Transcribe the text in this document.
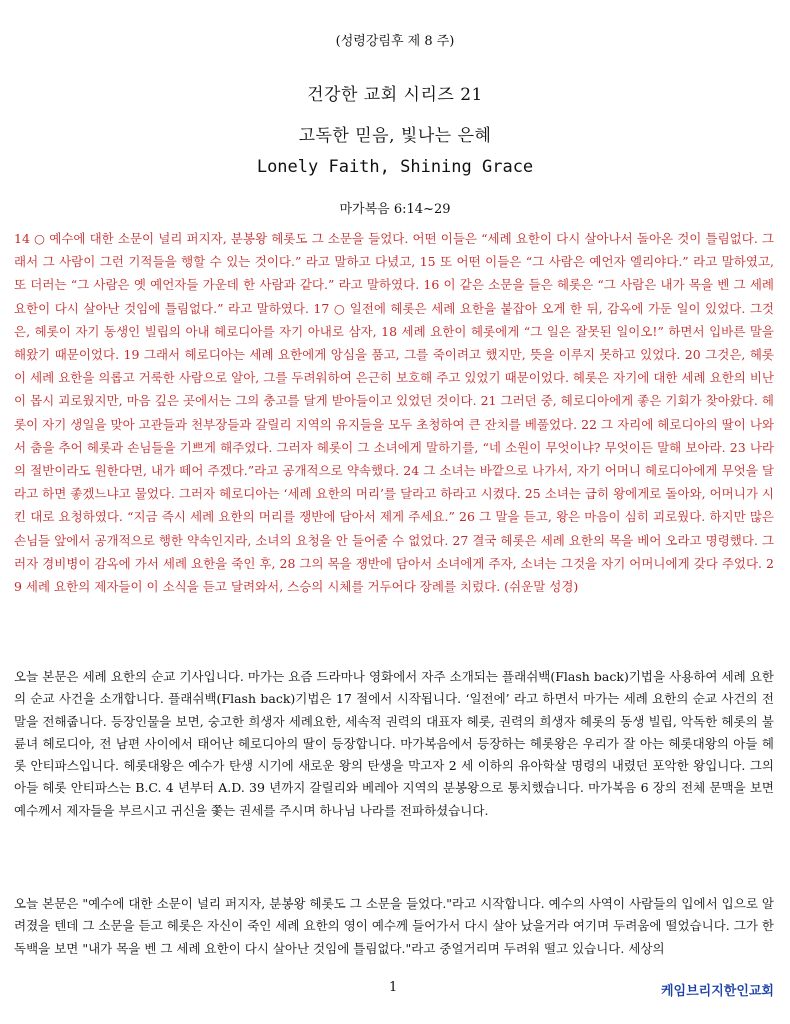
(성령강림후 제 8 주)
건강한 교회 시리즈 21
고독한 믿음, 빛나는 은혜
Lonely Faith, Shining Grace
마가복음 6:14~29
14 ○ 예수에 대한 소문이 널리 퍼지자, 분봉왕 헤롯도 그 소문을 들었다. 어떤 이들은 “세례 요한이 다시 살아나서 돌아온 것이 틀림없다. 그래서 그 사람이 그런 기적들을 행할 수 있는 것이다.” 라고 말하고 다녔고, 15 또 어떤 이들은 “그 사람은 예언자 엘리야다.” 라고 말하였고, 또 더러는 “그 사람은 옛 예언자들 가운데 한 사람과 같다.” 라고 말하였다. 16 이 같은 소문을 들은 헤롯은 “그 사람은 내가 목을 벤 그 세례 요한이 다시 살아난 것임에 틀림없다.” 라고 말하였다. 17 ○ 일전에 헤롯은 세례 요한을 붙잡아 오게 한 뒤, 감옥에 가둔 일이 있었다. 그것은, 헤롯이 자기 동생인 빌립의 아내 헤로디아를 자기 아내로 삼자, 18 세례 요한이 헤롯에게 “그 일은 잘못된 일이오!” 하면서 입바른 말을 해왔기 때문이었다. 19 그래서 헤로디아는 세례 요한에게 앙심을 품고, 그를 죽이려고 했지만, 뜻을 이루지 못하고 있었다. 20 그것은, 헤롯이 세례 요한을 의롭고 거룩한 사람으로 알아, 그를 두려워하여 은근히 보호해 주고 있었기 때문이었다. 헤롯은 자기에 대한 세례 요한의 비난이 몹시 괴로웠지만, 마음 깊은 곳에서는 그의 충고를 달게 받아들이고 있었던 것이다. 21 그러던 중, 헤로디아에게 좋은 기회가 찾아왔다. 헤롯이 자기 생일을 맞아 고관들과 천부장들과 갈릴리 지역의 유지들을 모두 초청하여 큰 잔치를 베풀었다. 22 그 자리에 헤로디아의 딸이 나와서 춤을 추어 헤롯과 손님들을 기쁘게 해주었다. 그러자 헤롯이 그 소녀에게 말하기를, “네 소원이 무엇이냐? 무엇이든 말해 보아라. 23 나라의 절반이라도 원한다면, 내가 떼어 주겠다.”라고 공개적으로 약속했다. 24 그 소녀는 바깥으로 나가서, 자기 어머니 헤로디아에게 무엇을 달라고 하면 좋겠느냐고 물었다. 그러자 헤로디아는 ‘세례 요한의 머리’를 달라고 하라고 시켰다. 25 소녀는 급히 왕에게로 돌아와, 어머니가 시킨 대로 요청하였다. “지금 즉시 세례 요한의 머리를 쟁반에 담아서 제게 주세요.” 26 그 말을 듣고, 왕은 마음이 심히 괴로웠다. 하지만 많은 손님들 앞에서 공개적으로 행한 약속인지라, 소녀의 요청을 안 들어줄 수 없었다. 27 결국 헤롯은 세례 요한의 목을 베어 오라고 명령했다. 그러자 경비병이 감옥에 가서 세례 요한을 죽인 후, 28 그의 목을 쟁반에 담아서 소녀에게 주자, 소녀는 그것을 자기 어머니에게 갖다 주었다. 29 세례 요한의 제자들이 이 소식을 듣고 달려와서, 스승의 시체를 거두어다 장례를 치렀다. (쉬운말 성경)
오늘 본문은 세례 요한의 순교 기사입니다. 마가는 요즘 드라마나 영화에서 자주 소개되는 플래쉬백(Flash back)기법을 사용하여 세례 요한의 순교 사건을 소개합니다. 플래쉬백(Flash back)기법은 17 절에서 시작됩니다. ‘일전에’ 라고 하면서 마가는 세례 요한의 순교 사건의 전말을 전해줍니다. 등장인물을 보면, 숭고한 희생자 세례요한, 세속적 권력의 대표자 헤롯, 권력의 희생자 헤롯의 동생 빌립, 악독한 헤롯의 불륜녀 헤로디아, 전 남편 사이에서 태어난 헤로디아의 딸이 등장합니다. 마가복음에서 등장하는 헤롯왕은 우리가 잘 아는 헤롯대왕의 아들 헤롯 안티파스입니다. 헤롯대왕은 예수가 탄생 시기에 새로운 왕의 탄생을 막고자 2 세 이하의 유아학살 명령의 내렸던 포악한 왕입니다. 그의 아들 헤롯 안티파스는 B.C. 4 년부터 A.D. 39 년까지 갈릴리와 베레아 지역의 분봉왕으로 통치했습니다. 마가복음 6 장의 전체 문맥을 보면 예수께서 제자들을 부르시고 귀신을 쫓는 권세를 주시며 하나님 나라를 전파하셨습니다.
오늘 본문은 "예수에 대한 소문이 널리 퍼지자, 분봉왕 헤롯도 그 소문을 들었다."라고 시작합니다. 예수의 사역이 사람들의 입에서 입으로 알려졌을 텐데 그 소문을 듣고 헤롯은 자신이 죽인 세례 요한의 영이 예수께 들어가서 다시 살아 났을거라 여기며 두려움에 떨었습니다. 그가 한 독백을 보면 "내가 목을 벤 그 세례 요한이 다시 살아난 것임에 틀림없다."라고 중얼거리며 두려워 떨고 있습니다. 세상의
1	케임브리지한인교회
